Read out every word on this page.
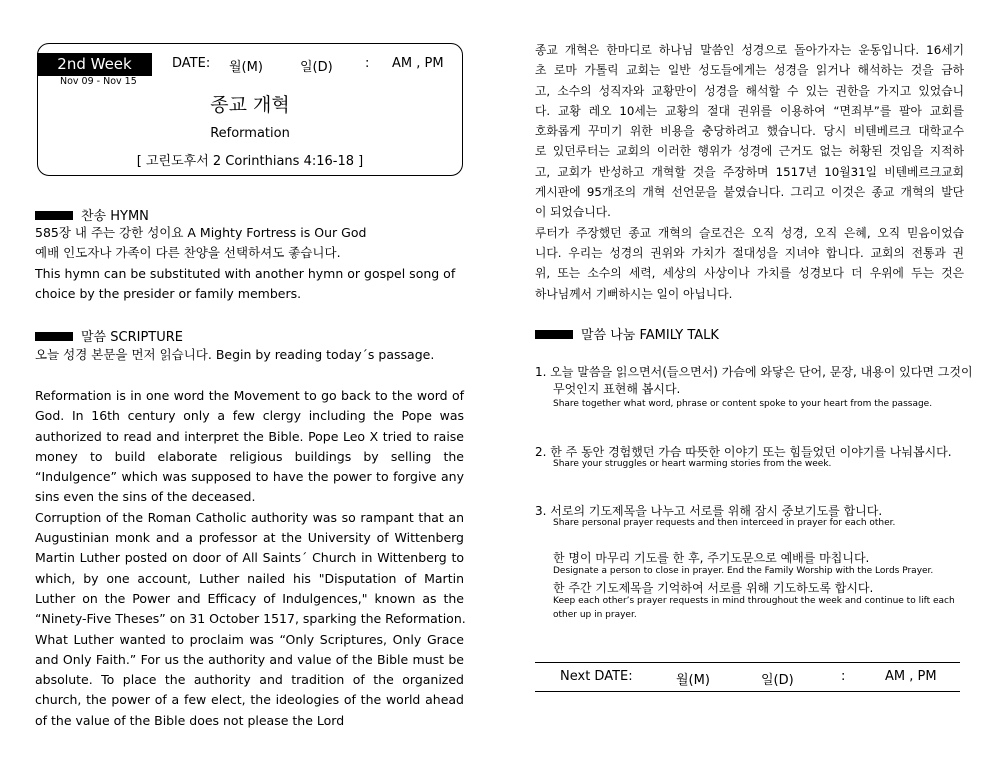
2nd Week
Nov 09 - Nov 15
DATE: 월(M)	일(D) : AM , PM
종교 개혁
Reformation
[ 고린도후서 2 Corinthians 4:16-18 ]
찬송 HYMN
585장 내 주는 강한 성이요 A Mighty Fortress is Our God
예배 인도자나 가족이 다른 찬양을 선택하셔도 좋습니다.
This hymn can be substituted with another hymn or gospel song of
choice by the presider or family members.
말씀 SCRIPTURE
오늘 성경 본문을 먼저 읽습니다. Begin by reading today´s passage.
Reformation is in one word the Movement to go back to the word of
God. In 16th century only a few clergy including the Pope was
authorized to read and interpret the Bible. Pope Leo X tried to raise
money to build elaborate religious buildings by selling the
“Indulgence” which was supposed to have the power to forgive any
sins even the sins of the deceased.
Corruption of the Roman Catholic authority was so rampant that an
Augustinian monk and a professor at the University of Wittenberg
Martin Luther posted on door of All Saints´ Church in Wittenberg to
which, by one account, Luther nailed his "Disputation of Martin
Luther on the Power and Efficacy of Indulgences," known as the
“Ninety-Five Theses” on 31 October 1517, sparking the Reformation.
What Luther wanted to proclaim was “Only Scriptures, Only Grace
and Only Faith.” For us the authority and value of the Bible must be
absolute. To place the authority and tradition of the organized
church, the power of a few elect, the ideologies of the world ahead
of the value of the Bible does not please the Lord
종교 개혁은 한마디로 하나님 말씀인 성경으로 돌아가자는 운동입니다. 16세기
초 로마 가톨릭 교회는 일반 성도들에게는 성경을 읽거나 해석하는 것을 금하
고, 소수의 성직자와 교황만이 성경을 해석할 수 있는 권한을 가지고 있었습니
다. 교황 레오 10세는 교황의 절대 권위를 이용하여 “면죄부”를 팔아 교회를
호화롭게 꾸미기 위한 비용을 충당하려고 했습니다. 당시 비텐베르크 대학교수
로 있던루터는 교회의 이러한 행위가 성경에 근거도 없는 허황된 것임을 지적하
고, 교회가 반성하고 개혁할 것을 주장하며 1517년 10월31일 비텐베르크교회
게시판에 95개조의 개혁 선언문을 붙였습니다. 그리고 이것은 종교 개혁의 발단
이 되었습니다.
루터가 주장했던 종교 개혁의 슬로건은 오직 성경, 오직 은혜, 오직 믿음이었습
니다. 우리는 성경의 권위와 가치가 절대성을 지녀야 합니다. 교회의 전통과 권
위, 또는 소수의 세력, 세상의 사상이나 가치를 성경보다 더 우위에 두는 것은
하나님께서 기뻐하시는 일이 아닙니다.
말씀 나눔 FAMILY TALK
1. 오늘 말씀을 읽으면서(들으면서) 가슴에 와닿은 단어, 문장, 내용이 있다면 그것이
무엇인지 표현해 봅시다.
Share together what word, phrase or content spoke to your heart from the passage.
2. 한 주 동안 경험했던 가슴 따뜻한 이야기 또는 힘들었던 이야기를 나눠봅시다.
Share your struggles or heart warming stories from the week.
3. 서로의 기도제목을 나누고 서로를 위해 잠시 중보기도를 합니다.
Share personal prayer requests and then interceed in prayer for each other.
한 명이 마무리 기도를 한 후, 주기도문으로 예배를 마칩니다.
Designate a person to close in prayer. End the Family Worship with the Lords Prayer.
한 주간 기도제목을 기억하여 서로를 위해 기도하도록 합시다.
Keep each other’s prayer requests in mind throughout the week and continue to lift each
other up in prayer.
Next DATE:	월(M)	일(D)	:	AM , PM
